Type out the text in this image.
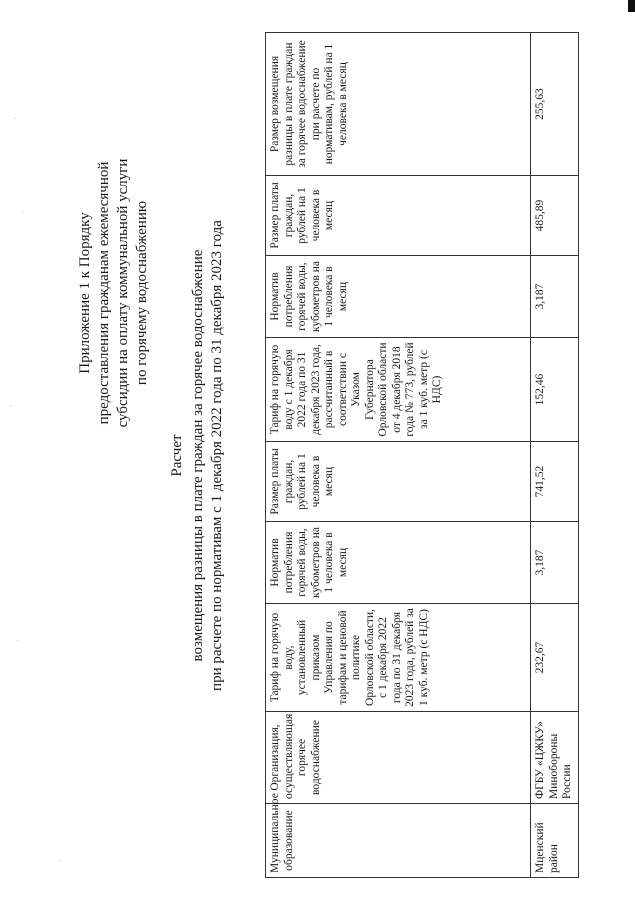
Приложение 1 к Порядку предоставления гражданам ежемесячной субсидии на оплату коммунальной услуги по горячему водоснабжению
Расчет возмещения разницы в плате граждан за горячее водоснабжение при расчете по нормативам с 1 декабря 2022 года по 31 декабря 2023 года
Муниципальное образование	Организация, осуществляющая горячее водоснабжение	Тариф на горячую воду, установленный приказом Управления по тарифам и ценовой политике Орловской области, с 1 декабря 2022 года по 31 декабря 2023 года, рублей за 1 куб. метр (с НДС)	Норматив потребления горячей воды, кубометров на 1 человека в месяц	Размер платы граждан, рублей на 1 человека в месяц	Тариф на горячую воду с 1 декабря 2022 года по 31 декабря 2023 года, рассчитанный в соответствии с Указом Губернатора Орловской области от 4 декабря 2018 года № 773, рублей за 1 куб. метр (с НДС)	Норматив потребления горячей воды, кубометров на 1 человека в месяц	Размер платы граждан, рублей на 1 человека в месяц	Размер возмещения разницы в плате граждан за горячее водоснабжение при расчете по нормативам, рублей на 1 человека в месяц
Мценский район	ФГБУ «ЦЖКУ» Минобороны России	232,67	3,187	741,52	152,46	3,187	485,89	255,63
